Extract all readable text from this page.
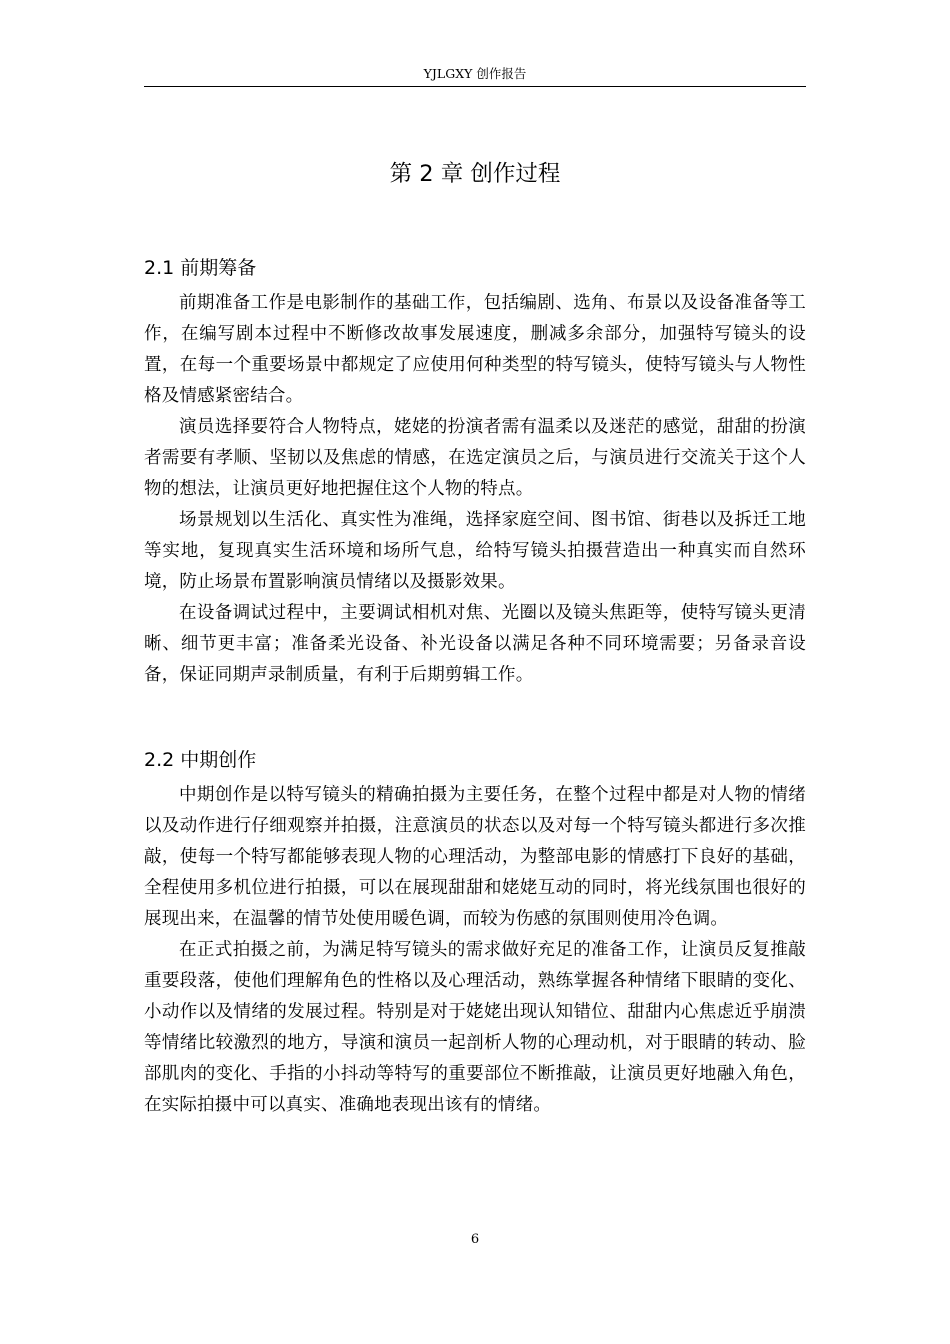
YJLGXY 创作报告
第 2 章 创作过程
2.1 前期筹备

前期准备工作是电影制作的基础工作，包括编剧、选角、布景以及设备准备等工作，在编写剧本过程中不断修改故事发展速度，删减多余部分，加强特写镜头的设置，在每一个重要场景中都规定了应使用何种类型的特写镜头，使特写镜头与人物性格及情感紧密结合。

演员选择要符合人物特点，姥姥的扮演者需有温柔以及迷茫的感觉，甜甜的扮演者需要有孝顺、坚韧以及焦虑的情感，在选定演员之后，与演员进行交流关于这个人物的想法，让演员更好地把握住这个人物的特点。

场景规划以生活化、真实性为准绳，选择家庭空间、图书馆、街巷以及拆迁工地等实地，复现真实生活环境和场所气息，给特写镜头拍摄营造出一种真实而自然环境，防止场景布置影响演员情绪以及摄影效果。

在设备调试过程中，主要调试相机对焦、光圈以及镜头焦距等，使特写镜头更清晰、细节更丰富；准备柔光设备、补光设备以满足各种不同环境需要；另备录音设备，保证同期声录制质量，有利于后期剪辑工作。

2.2 中期创作

中期创作是以特写镜头的精确拍摄为主要任务，在整个过程中都是对人物的情绪以及动作进行仔细观察并拍摄，注意演员的状态以及对每一个特写镜头都进行多次推敲，使每一个特写都能够表现人物的心理活动，为整部电影的情感打下良好的基础，全程使用多机位进行拍摄，可以在展现甜甜和姥姥互动的同时，将光线氛围也很好的展现出来，在温馨的情节处使用暖色调，而较为伤感的氛围则使用冷色调。

在正式拍摄之前，为满足特写镜头的需求做好充足的准备工作，让演员反复推敲重要段落，使他们理解角色的性格以及心理活动，熟练掌握各种情绪下眼睛的变化、小动作以及情绪的发展过程。特别是对于姥姥出现认知错位、甜甜内心焦虑近乎崩溃等情绪比较激烈的地方，导演和演员一起剖析人物的心理动机，对于眼睛的转动、脸部肌肉的变化、手指的小抖动等特写的重要部位不断推敲，让演员更好地融入角色，在实际拍摄中可以真实、准确地表现出该有的情绪。

6
